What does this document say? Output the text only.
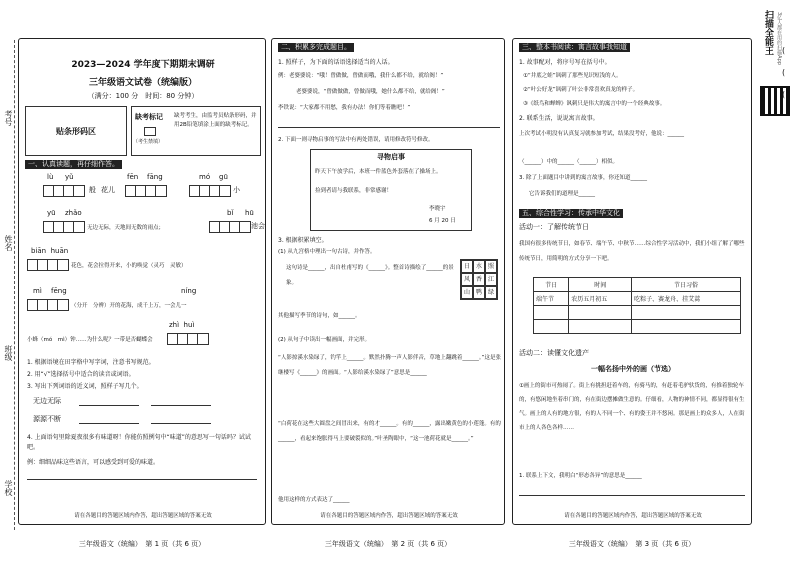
考号
姓名
班级
学校
2023—2024 学年度下期期末调研
三年级语文试卷（统编版）
（满分：100 分　时间：80 分钟）
贴条形码区
缺考标记
（考生禁填）
缺考考生，由监考员贴条形码，并用2B铅笔填涂上面的缺考标记。
一、认真读题，再仔细作答。
lù yǔ	fēn fāng	mó gū
般 花儿	小
yū zhǎo	bǐ hū
无边无际，天地间无数的雨点；	池会
biān huān
花色，花会拉得开来，小的唤觉（灵巧　灵敏）
mì fēng	níng
（分开　分辨）开的花海，成千上万，一会儿一
zhì huì
小蜂（mó　mì）钟……为什么呢？一带是否蝴蝶会
1. 根据语境在田字格中写字词，注意书写规范。
2. 用“√”选择括号中适合的读音或词语。
3. 写出下列词语的近义词，照样子写几个。
无边无际
源源不断
4. 上面语句里除夏夜很多有味道呀！你能仿照例句中“味道”的意思写一句话吗？试试吧。
例：细细品味这些语言，可以感受到可爱的味道。
请在各题目的答题区域内作答，超出答题区域的答案无效
三年级语文（统编）　第 1 页（共 6 页）
二、积累多完成题目。
1. 照样子，为下面的话语选择适当的人话。
例：老婆婆说：“哦！曾做做，曾做而哦，我什么都不给，就给阁！”
老婆婆说，“曾做做做，曾做而哦，她什么都不给，就给阁！”
李铁说：“大家都不用愁，我有办法！你们等着瞧吧！”
2. 下面一则寻物启事的写法中有两处错误，请用修改符号修改。
寻物启事
昨天下午放学后，本班一件蓝色外套落在了操场上。
捡到者请与我联系，非常感谢！
李晓宇
6 月 20 日
3. 根据积累填空。
(1) 从九宫格中理出一句古诗，并作答。
日 水 照
风 香 江
山 鸭 绿
这句诗是______，出自杜甫写的《______》。整首诗描绘了______的景象。
其他描写季节的诗句，如______。
(2) 从句子中读出一幅画面，并完形。
“人影掠溪水染绿了，钓竿上______。默然扑腾一声人影伴音，草地上翻跳着______。”这是张继楼写《______》的画面。“人影给溪水染绿了”意思是______
“白荷花在这些大圆盘之间冒出来，有的才______。有的______，露出嫩黄色的小莲蓬。有的______，看起来饱胀得马上要破裂似的。”叶圣陶眼中，“这一池荷花就是______。”
他用这样的方式表达了______
请在各题目的答题区域内作答，超出答题区域的答案无效
三年级语文（统编）　第 2 页（共 6 页）
三、整本书阅读：寓言故事我知道
1. 故事配对，将序号写在括号中。
①“井底之蛙”讽刺了那些见识短浅的人。
②“叶公好龙”讽刺了叶公非常喜欢真龙的样子。
③《纸鸟和蝉蝉》讽刺只是伟大的寓言中的一个经典故事。
2. 联系生活，说说寓言故事。
上次考试小明没有认真复习就参加考试，结果没考好，他说：______
（______）中的______（______）相似。
3. 除了上面题目中讲到的寓言故事，你还知道______
它告诉我们的道理是______
五、综合性学习：传承中华文化
活动一：了解传统节日
我国有很多传统节日，如春节、端午节、中秋节……综合性学习活动中，我们小组了解了哪些传统节日，用简明的方式分享一下吧。
节日	时间	节日习俗
端午节	农历五月初五	吃粽子、赛龙舟、挂艾蒿

活动二：读懂文化遗产
一幅名扬中外的画（节选）
①画上的街市可热闹了。街上有挑担赶着车的，有骑马的，有赶着毛驴驮货的，有推着独轮车的，有悠闲地坐着串门的，有在街边摆摊做生意的。仔细看，人物的神情不同，都显得很有生气。画上的人有的地方很，有的人不同一个、有的姿王并不悠闲。那是画上的众多人，人在街市上的人各色各样……
1. 联系上下文，我明白“形态各异”的意思是______
请在各题目的答题区域内作答，超出答题区域的答案无效
三年级语文（统编）　第 3 页（共 6 页）
扫描全能王 3亿人都在用的扫描App (
(
(
